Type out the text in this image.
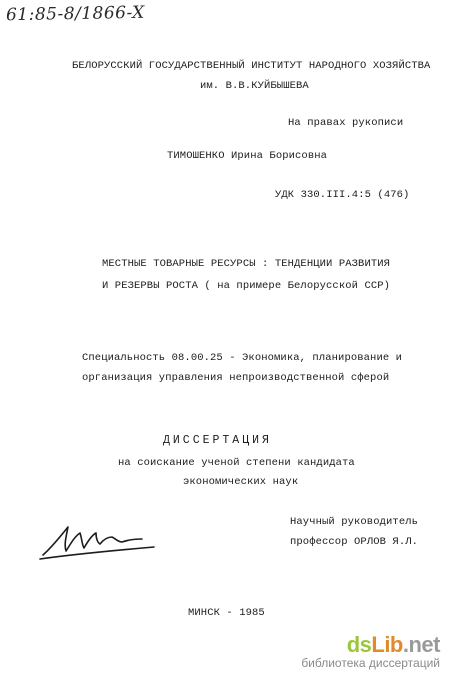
61:85-8/1866-X
БЕЛОРУССКИЙ ГОСУДАРСТВЕННЫЙ ИНСТИТУТ НАРОДНОГО ХОЗЯЙСТВА
им. В.В.КУЙБЫШЕВА
На правах рукописи
ТИМОШЕНКО Ирина Борисовна
УДК 330.III.4:5 (476)
МЕСТНЫЕ ТОВАРНЫЕ РЕСУРСЫ : ТЕНДЕНЦИИ РАЗВИТИЯ
И РЕЗЕРВЫ РОСТА ( на примере Белорусской ССР)
Специальность 08.00.25 - Экономика, планирование и
организация управления непроизводственной сферой
ДИССЕРТАЦИЯ
на соискание ученой степени кандидата
экономических наук
Научный руководитель
профессор ОРЛОВ Я.Л.
МИНСК - 1985
dsLib.net
библиотека диссертаций
